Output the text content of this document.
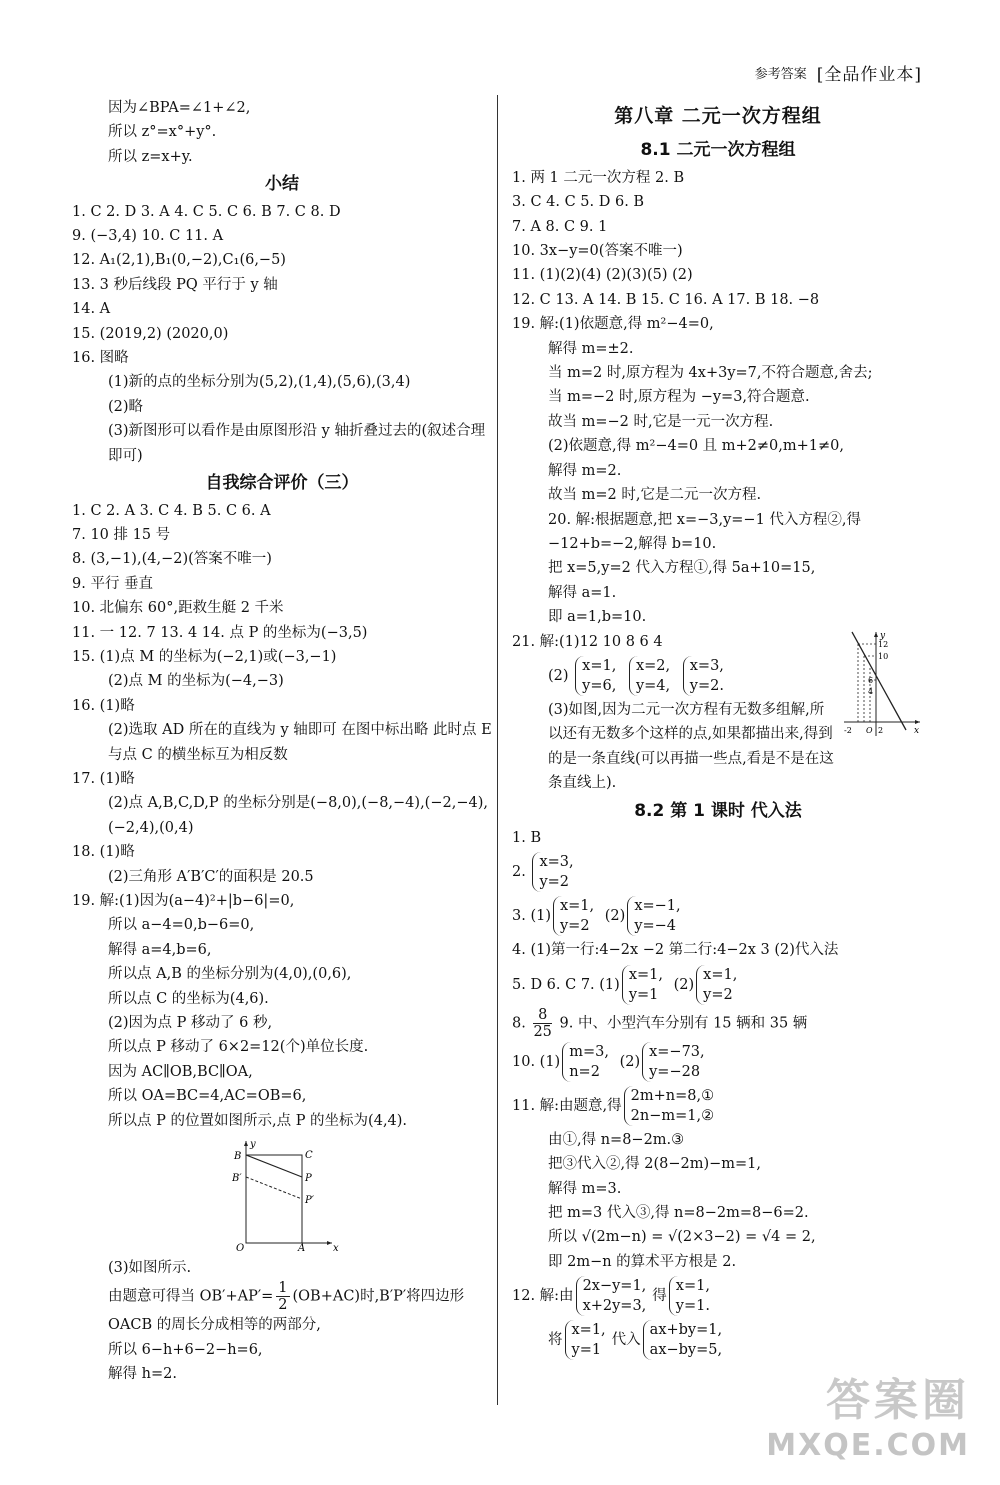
参考答案 [全品作业本]
因为∠BPA=∠1+∠2,
所以 z°=x°+y°.
所以 z=x+y.
小结
1. C 2. D 3. A 4. C 5. C 6. B 7. C 8. D
9. (−3,4) 10. C 11. A
12. A₁(2,1),B₁(0,−2),C₁(6,−5)
13. 3 秒后线段 PQ 平行于 y 轴
14. A
15. (2019,2) (2020,0)
16. 图略
(1)新的点的坐标分别为(5,2),(1,4),(5,6),(3,4)
(2)略
(3)新图形可以看作是由原图形沿 y 轴折叠过去的(叙述合理即可)
自我综合评价（三）
1. C 2. A 3. C 4. B 5. C 6. A
7. 10 排 15 号
8. (3,−1),(4,−2)(答案不唯一)
9. 平行 垂直
10. 北偏东 60°,距救生艇 2 千米
11. 一 12. 7 13. 4 14. 点 P 的坐标为(−3,5)
15. (1)点 M 的坐标为(−2,1)或(−3,−1)
(2)点 M 的坐标为(−4,−3)
16. (1)略
(2)选取 AD 所在的直线为 y 轴即可 在图中标出略 此时点 E 与点 C 的横坐标互为相反数
17. (1)略
(2)点 A,B,C,D,P 的坐标分别是(−8,0),(−8,−4),(−2,−4),(−2,4),(0,4)
18. (1)略
(2)三角形 A′B′C′的面积是 20.5
19. 解:(1)因为(a−4)²+|b−6|=0,
所以 a−4=0,b−6=0,
解得 a=4,b=6,
所以点 A,B 的坐标分别为(4,0),(0,6),
所以点 C 的坐标为(4,6).
(2)因为点 P 移动了 6 秒,
所以点 P 移动了 6×2=12(个)单位长度.
因为 AC∥OB,BC∥OA,
所以 OA=BC=4,AC=OB=6,
所以点 P 的位置如图所示,点 P 的坐标为(4,4).
y
B	C
P
B′
P′
O	A	x
(3)如图所示.
由题意可得当 $OB'+AP'= \frac{1}{2} (OB+AC)$时,B′P′将四边形
OACB 的周长分成相等的两部分,
所以 6−h+6−2−h=6,
解得 h=2.
第八章 二元一次方程组
8.1 二元一次方程组
1. 两 1 二元一次方程 2. B
3. C 4. C 5. D 6. B
7. A 8. C 9. 1
10. 3x−y=0(答案不唯一)
11. (1)(2)(4) (2)(3)(5) (2)
12. C 13. A 14. B 15. C 16. A 17. B 18. −8
19. 解:(1)依题意,得 m²−4=0,
解得 m=±2.
当 m=2 时,原方程为 4x+3y=7,不符合题意,舍去;
当 m=−2 时,原方程为 −y=3,符合题意.
故当 m=−2 时,它是一元一次方程.
(2)依题意,得 m²−4=0 且 m+2≠0,m+1≠0,
解得 m=2.
故当 m=2 时,它是二元一次方程.
20. 解:根据题意,把 x=−3,y=−1 代入方程②,得 −12+b=−2,解得 b=10.
把 x=5,y=2 代入方程①,得 5a+10=15,
解得 a=1.
即 a=1,b=10.
y
12
10
6
4
-2 O 2	x
21. 解:(1)12 10 8 6 4
(2) x=1,
y=6, x=2,
y=4, x=3,
y=2.
(3)如图,因为二元一次方程有无数多组解,所以还有无数多个这样的点,如果都描出来,得到的是一条直线(可以再描一些点,看是不是在这条直线上).
8.2 第 1 课时 代入法
1. B
2. x=3,
y=2
3. (1)x=1,
y=2 (2)x=−1,
y=−4
4. (1)第一行:4−2x −2 第二行:4−2x 3 (2)代入法
5. D 6. C 7. (1)x=1,
y=1 (2)x=1,
y=2
8. $\frac{8}{25} 9$. 中、小型汽车分别有 15 辆和 35 辆
10. (1)m=3,
n=2 (2)x=−73,
y=−28
11. 解:由题意,得2m+n=8,①
2n−m=1,②
由①,得 n=8−2m.③
把③代入②,得 2(8−2m)−m=1,
解得 m=3.
把 m=3 代入③,得 n=8−2m=8−6=2.
所以 √(2m−n) = √(2×3−2) = √4 = 2,
即 2m−n 的算术平方根是 2.
12. 解:由2x−y=1,
x+2y=3,得x=1,
y=1.
将x=1,
y=1代入ax+by=1,
ax−by=5,
答案圈
MXQE.COM
